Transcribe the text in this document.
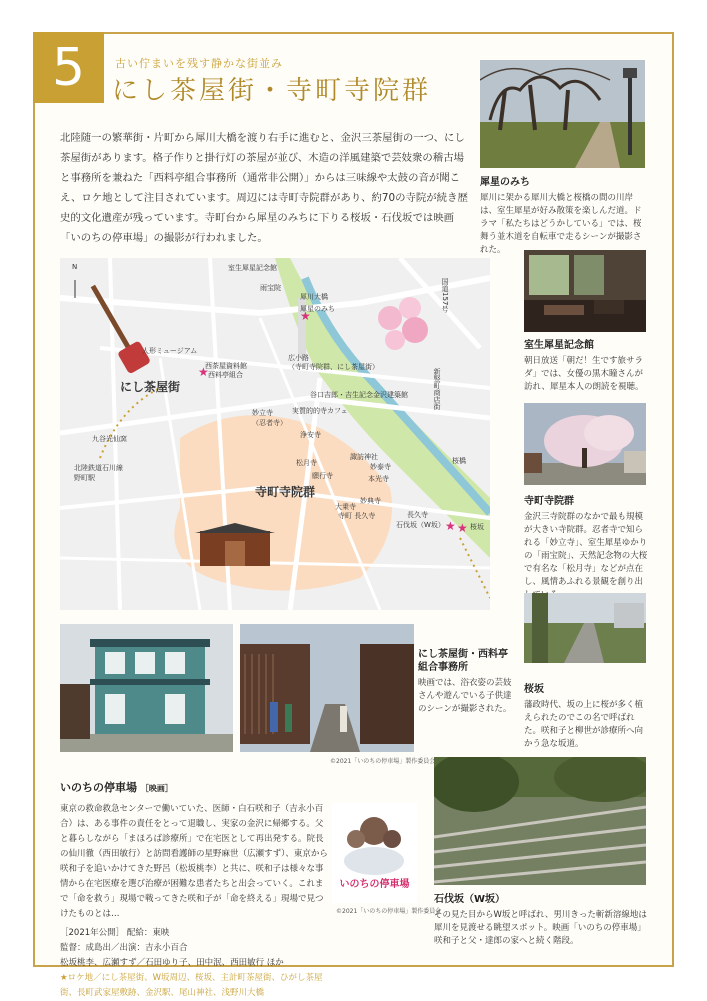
5	古い佇まいを残す静かな街並み
にし茶屋街・寺町寺院群
北陸随一の繁華街・片町から犀川大橋を渡り右手に進むと、金沢三茶屋街の一つ、にし茶屋街があります。格子作りと掛行灯の茶屋が並び、木造の洋風建築で芸妓衆の稽古場と事務所を兼ねた「西料亭組合事務所（通常非公開）」からは三味線や太鼓の音が聞こえ、ロケ地として注目されています。周辺には寺町寺院群があり、約70の寺院が続き歴史的文化遺産が残っています。寺町台から犀星のみちに下りる桜坂・石伐坂では映画「いのちの停車場」の撮影が行われました。
犀星のみち
犀川に架かる犀川大橋と桜橋の間の川岸は、室生犀星が好み散策を楽しんだ道。ドラマ「私たちはどうかしている」では、桜舞う並木道を自転車で走るシーンが撮影された。
室生犀星記念館
朝日放送「朝だ！生です旅サラダ」では、女優の黒木瞳さんが訪れ、犀星本人の朗読を視聴。
寺町寺院群
金沢三寺院群のなかで最も規模が大きい寺院群。忍者寺で知られる「妙立寺」、室生犀星ゆかりの「雨宝院」、天然記念物の大桜で有名な「松月寺」などが点在し、風情あふれる景観を創り出
桜坂
藩政時代、坂の上に桜が多く植えられたのでこの名で呼ばれた。咲和子と柳世が診療所へ向かう急な坂道。
石伐坂（W坂）
その見た目からW坂と呼ばれ、男川きった斬新溶線地は犀川を見渡せる眺望スポット。映画「いのちの停車場」咲和子と父・達郎の家へと続く階段。
©2021「いのちの停車場」製作委員会
にし茶屋街・西料亭組合事務所
映画では、浴衣姿の芸妓さんや遊んでいる子供達のシーンが撮影された。
いのちの停車場 ［映画］
東京の救命救急センターで働いていた、医師・白石咲和子（吉永小百合）は、ある事件の責任をとって退職し、実家の金沢に帰郷する。父と暮らしながら「まほろば診療所」で在宅医として再出発する。院長の仙川徹（西田敏行）と訪問看護師の星野麻世（広瀬すず）、東京から咲和子を追いかけてきた野呂（松坂桃李）と共に、咲和子は様々な事情から在宅医療を選び治療が困難な患者たちと出会っていく。これまで「命を救う」現場で戦ってきた咲和子が「命を終える」現場で見つけたものとは…
［2021年公開］ 配給：東映
監督：成島出／出演：吉永小百合
松坂桃李、広瀬すず／石田ゆり子、田中泯、西田敏行 ほか
★ロケ地／にし茶屋街、W坂周辺、桜坂、主計町茶屋街、ひがし茶屋街、長町武家屋敷跡、金沢駅、尾山神社、浅野川大橋
いのちの停車場
©2021「いのちの停車場」製作委員会
★
★
★ ★
N	室生犀星記念館
雨宝院
犀川大橋
犀星のみち
人形ミュージアム
西茶屋資料館
西料亭組合
にし茶屋街
広小路
（寺町寺院群、にし茶屋街）
谷口吉郎・吉生記念金沢建築館
九谷光仙窯
北陸鉄道石川線 野町駅
妙立寺
（忍者寺）
実質的的寺カフェ
浄安寺
諏訪神社
松月寺
願行寺
妙泰寺
本光寺
妙典寺
寺町寺院群
大乗寺
寺町 長久寺	長久寺
石伐坂（W坂）	桜坂
桜橋
新竪町商店街
国道157号
